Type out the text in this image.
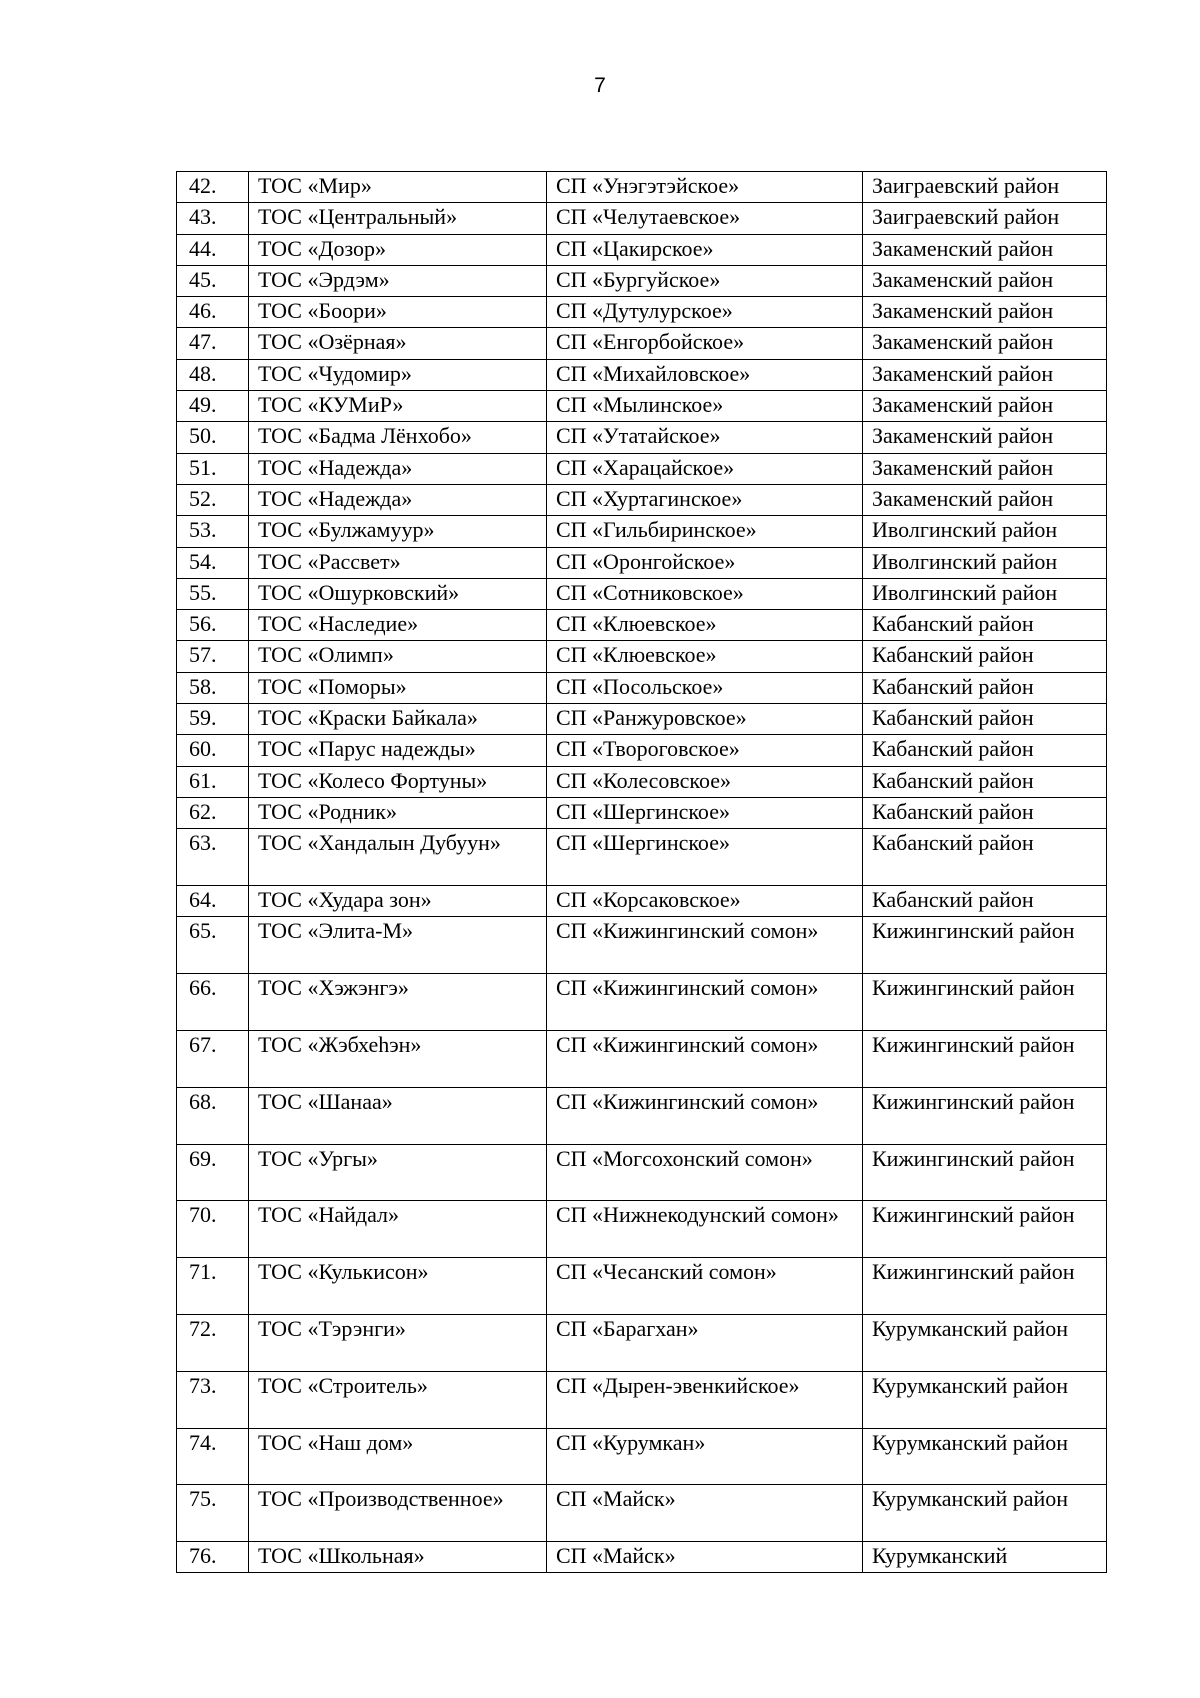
7
42.	ТОС «Мир»	СП «Унэгэтэйское»	Заиграевский район
43.	ТОС «Центральный»	СП «Челутаевское»	Заиграевский район
44.	ТОС «Дозор»	СП «Цакирское»	Закаменский район
45.	ТОС «Эрдэм»	СП «Бургуйское»	Закаменский район
46.	ТОС «Боори»	СП «Дутулурское»	Закаменский район
47.	ТОС «Озёрная»	СП «Енгорбойское»	Закаменский район
48.	ТОС «Чудомир»	СП «Михайловское»	Закаменский район
49.	ТОС «КУМиР»	СП «Мылинское»	Закаменский район
50.	ТОС «Бадма Лёнхобо»	СП «Утатайское»	Закаменский район
51.	ТОС «Надежда»	СП «Харацайское»	Закаменский район
52.	ТОС «Надежда»	СП «Хуртагинское»	Закаменский район
53.	ТОС «Булжамуур»	СП «Гильбиринское»	Иволгинский район
54.	ТОС «Рассвет»	СП «Оронгойское»	Иволгинский район
55.	ТОС «Ошурковский»	СП «Сотниковское»	Иволгинский район
56.	ТОС «Наследие»	СП «Клюевское»	Кабанский район
57.	ТОС «Олимп»	СП «Клюевское»	Кабанский район
58.	ТОС «Поморы»	СП «Посольское»	Кабанский район
59.	ТОС «Краски Байкала»	СП «Ранжуровское»	Кабанский район
60.	ТОС «Парус надежды»	СП «Твороговское»	Кабанский район
61.	ТОС «Колесо Фортуны»	СП «Колесовское»	Кабанский район
62.	ТОС «Родник»	СП «Шергинское»	Кабанский район
63.	ТОС «Хандалын Дубуун»	СП «Шергинское»	Кабанский район
64.	ТОС «Худара зон»	СП «Корсаковское»	Кабанский район
65.	ТОС «Элита-М»	СП «Кижингинский сомон»	Кижингинский район
66.	ТОС «Хэжэнгэ»	СП «Кижингинский сомон»	Кижингинский район
67.	ТОС «Жэбхеhэн»	СП «Кижингинский сомон»	Кижингинский район
68.	ТОС «Шанаа»	СП «Кижингинский сомон»	Кижингинский район
69.	ТОС «Ургы»	СП «Могсохонский сомон»	Кижингинский район
70.	ТОС «Найдал»	СП «Нижнекодунский сомон»	Кижингинский район
71.	ТОС «Кулькисон»	СП «Чесанский сомон»	Кижингинский район
72.	ТОС «Тэрэнги»	СП «Барагхан»	Курумканский район
73.	ТОС «Строитель»	СП «Дырен-эвенкийское»	Курумканский район
74.	ТОС «Наш дом»	СП «Курумкан»	Курумканский район
75.	ТОС «Производственное»	СП «Майск»	Курумканский район
76.	ТОС «Школьная»	СП «Майск»	Курумканский
